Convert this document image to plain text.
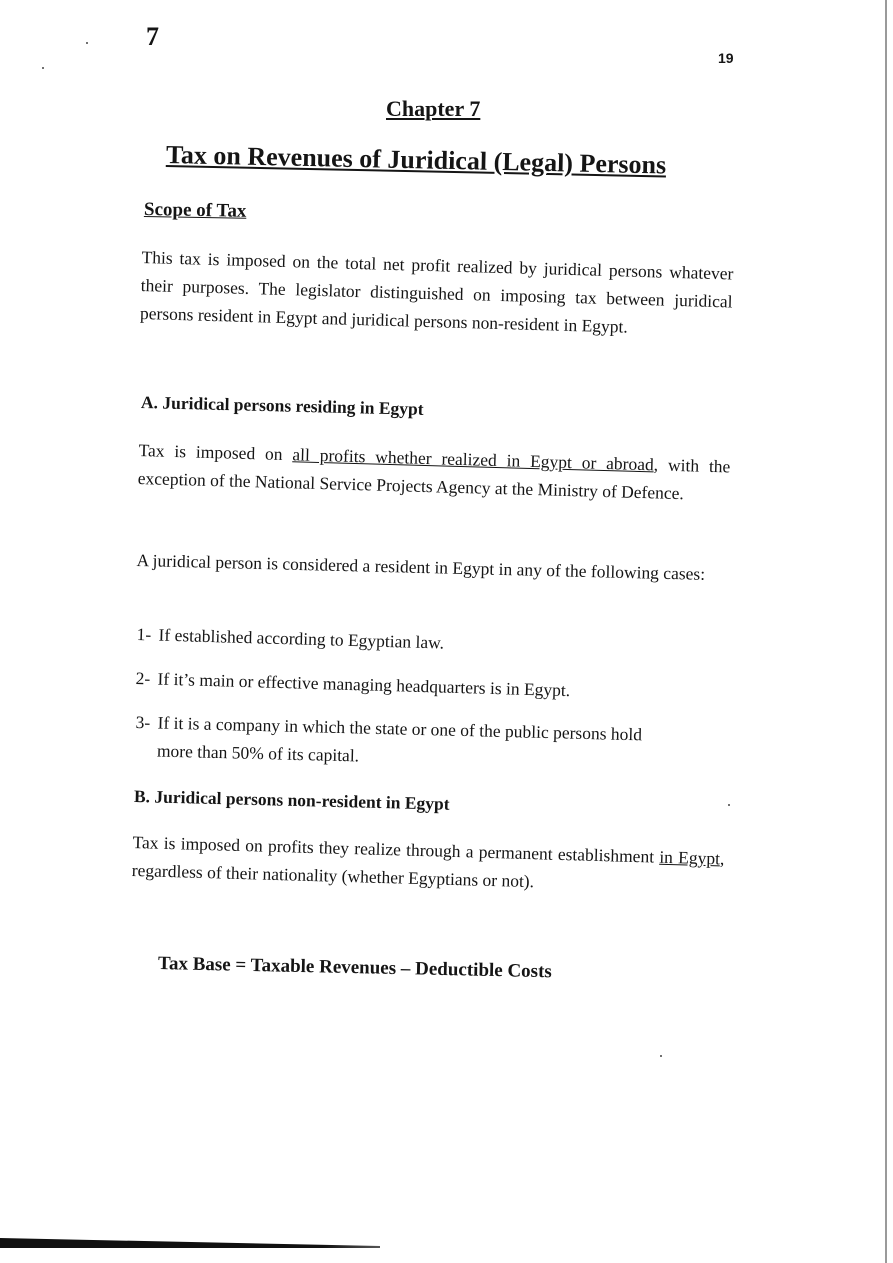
7

19

Chapter 7
Tax on Revenues of Juridical (Legal) Persons
Scope of Tax

This tax is imposed on the total net profit realized by juridical persons whatever their purposes. The legislator distinguished on imposing tax between juridical persons resident in Egypt and juridical persons non-resident in Egypt.

A. Juridical persons residing in Egypt

Tax is imposed on all profits whether realized in Egypt or abroad, with the exception of the National Service Projects Agency at the Ministry of Defence.

A juridical person is considered a resident in Egypt in any of the following cases:

1- If established according to Egyptian law.
2- If it’s main or effective managing headquarters is in Egypt.
3- If it is a company in which the state or one of the public persons hold
more than 50% of its capital.
B. Juridical persons non-resident in Egypt

Tax is imposed on profits they realize through a permanent establishment in Egypt, regardless of their nationality (whether Egyptians or not).

Tax Base = Taxable Revenues – Deductible Costs
